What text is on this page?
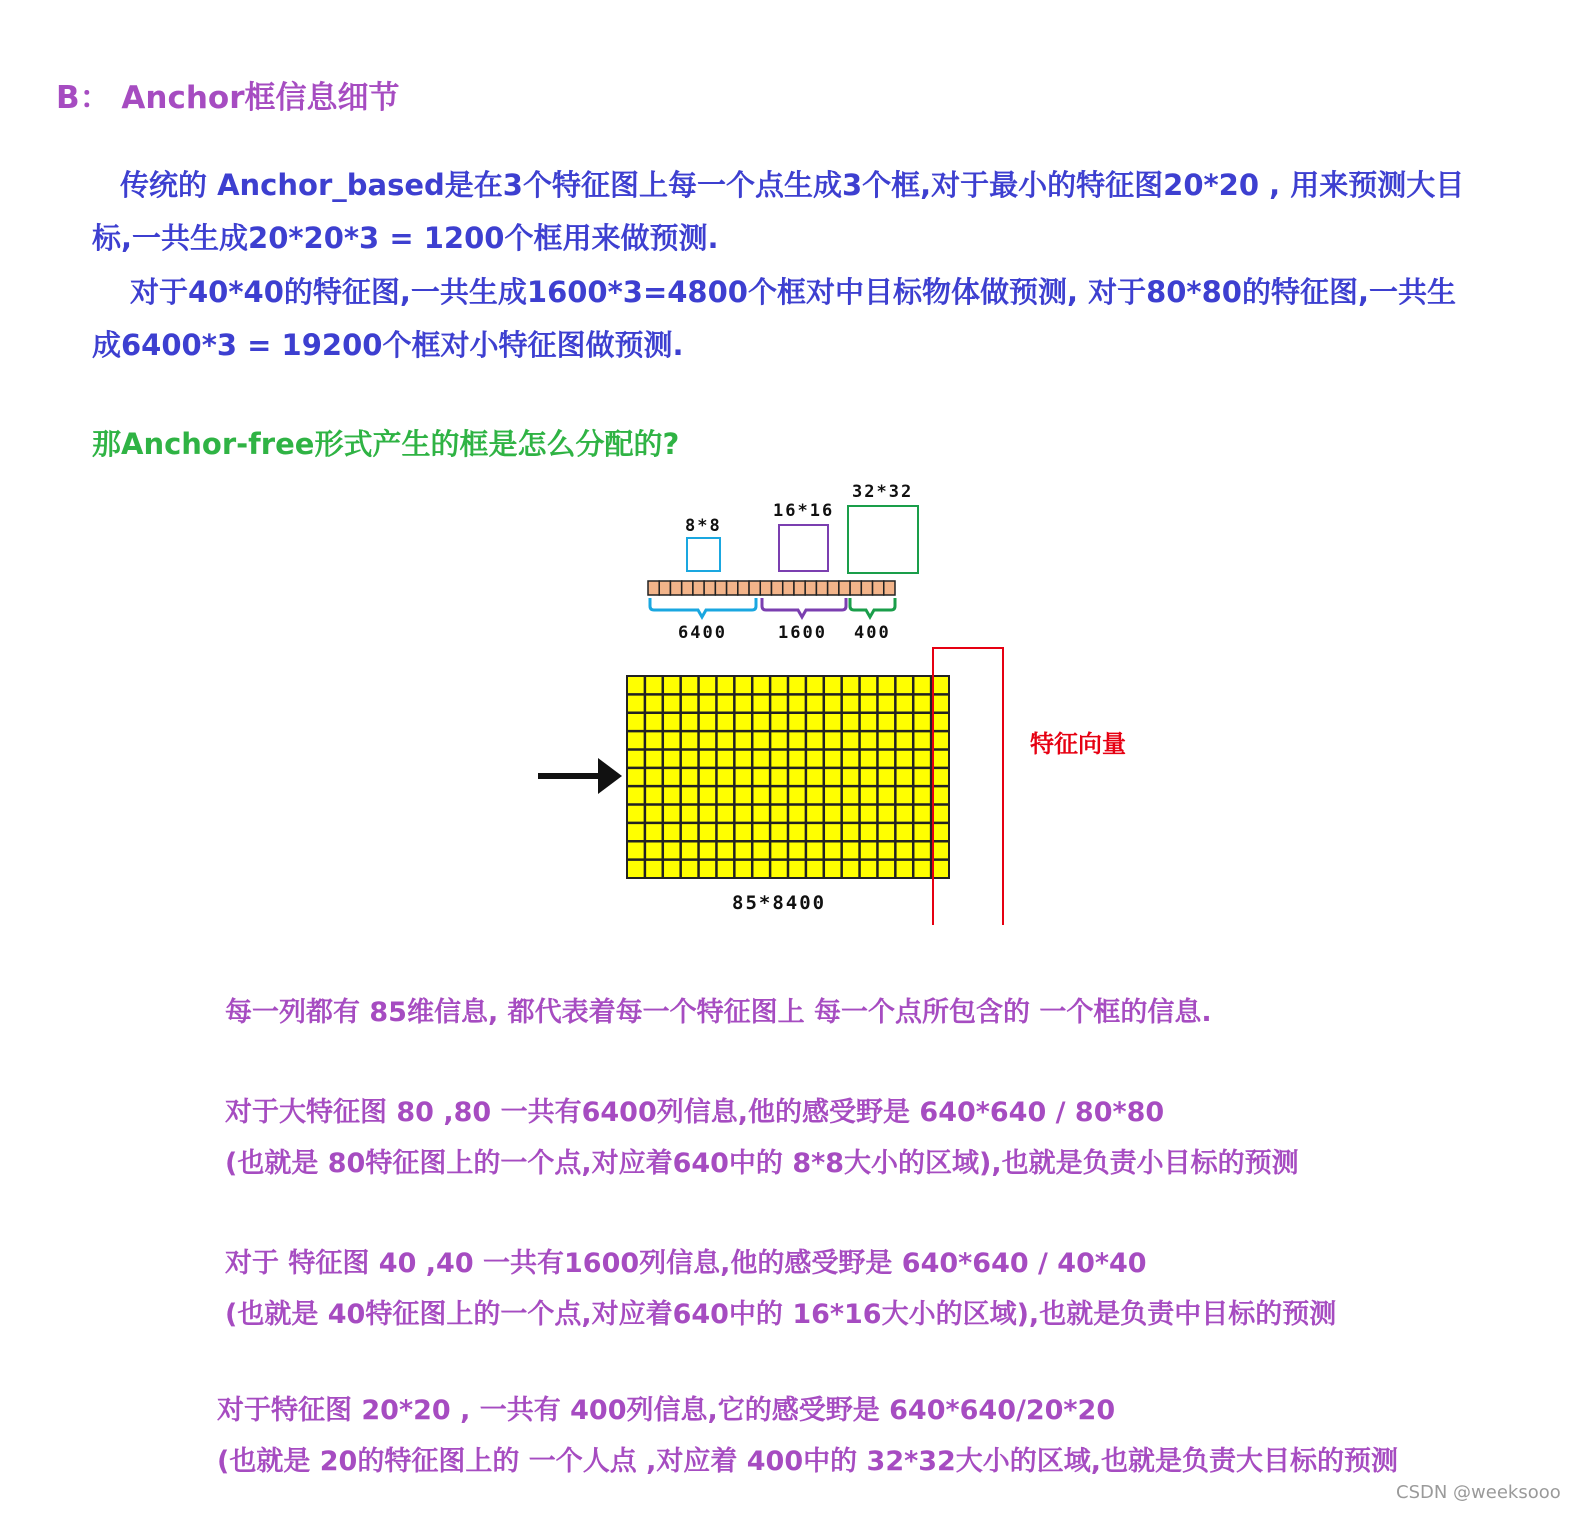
B： Anchor框信息细节
传统的 Anchor_based是在3个特征图上每一个点生成3个框,对于最小的特征图20*20 , 用来预测大目
标,一共生成20*20*3 = 1200个框用来做预测.
对于40*40的特征图,一共生成1600*3=4800个框对中目标物体做预测, 对于80*80的特征图,一共生
成6400*3 = 19200个框对小特征图做预测.
那Anchor-free形式产生的框是怎么分配的?
8*8
16*16
32*32
6400	1600 400
85*8400
特征向量
每一列都有 85维信息, 都代表着每一个特征图上 每一个点所包含的 一个框的信息.
对于大特征图 80 ,80 一共有6400列信息,他的感受野是 640*640 / 80*80
(也就是 80特征图上的一个点,对应着640中的 8*8大小的区域),也就是负责小目标的预测
对于 特征图 40 ,40 一共有1600列信息,他的感受野是 640*640 / 40*40
(也就是 40特征图上的一个点,对应着640中的 16*16大小的区域),也就是负责中目标的预测
对于特征图 20*20 , 一共有 400列信息,它的感受野是 640*640/20*20
(也就是 20的特征图上的 一个人点 ,对应着 400中的 32*32大小的区域,也就是负责大目标的预测
CSDN @weeksooo
